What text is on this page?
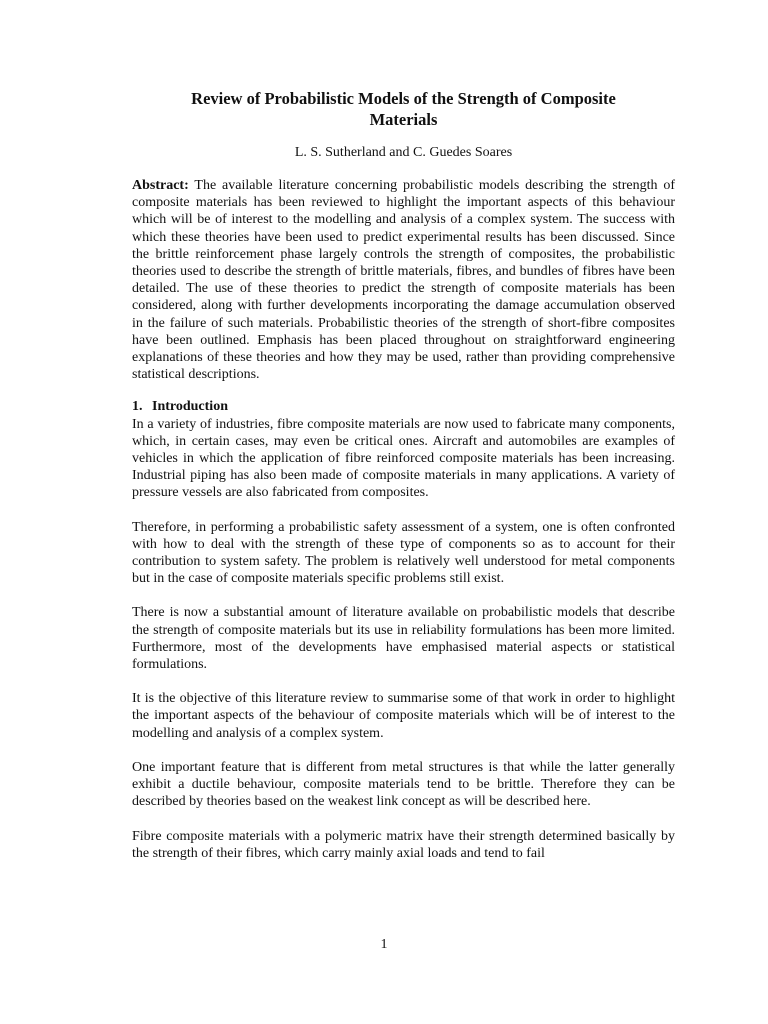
Review of Probabilistic Models of the Strength of Composite
Materials

L. S. Sutherland and C. Guedes Soares

Abstract: The available literature concerning probabilistic models describing the strength of composite materials has been reviewed to highlight the important aspects of this behaviour which will be of interest to the modelling and analysis of a complex system. The success with which these theories have been used to predict experimental results has been discussed. Since the brittle reinforcement phase largely controls the strength of composites, the probabilistic theories used to describe the strength of brittle materials, fibres, and bundles of fibres have been detailed. The use of these theories to predict the strength of composite materials has been considered, along with further developments incorporating the damage accumulation observed in the failure of such materials. Probabilistic theories of the strength of short-fibre composites have been outlined. Emphasis has been placed throughout on straightforward engineering explanations of these theories and how they may be used, rather than providing comprehensive statistical descriptions.

1. Introduction

In a variety of industries, fibre composite materials are now used to fabricate many components, which, in certain cases, may even be critical ones. Aircraft and automobiles are examples of vehicles in which the application of fibre reinforced composite materials has been increasing. Industrial piping has also been made of composite materials in many applications. A variety of pressure vessels are also fabricated from composites.

Therefore, in performing a probabilistic safety assessment of a system, one is often confronted with how to deal with the strength of these type of components so as to account for their contribution to system safety. The problem is relatively well understood for metal components but in the case of composite materials specific problems still exist.

There is now a substantial amount of literature available on probabilistic models that describe the strength of composite materials but its use in reliability formulations has been more limited. Furthermore, most of the developments have emphasised material aspects or statistical formulations.

It is the objective of this literature review to summarise some of that work in order to highlight the important aspects of the behaviour of composite materials which will be of interest to the modelling and analysis of a complex system.

One important feature that is different from metal structures is that while the latter generally exhibit a ductile behaviour, composite materials tend to be brittle. Therefore they can be described by theories based on the weakest link concept as will be described here.

Fibre composite materials with a polymeric matrix have their strength determined basically by the strength of their fibres, which carry mainly axial loads and tend to fail

1
